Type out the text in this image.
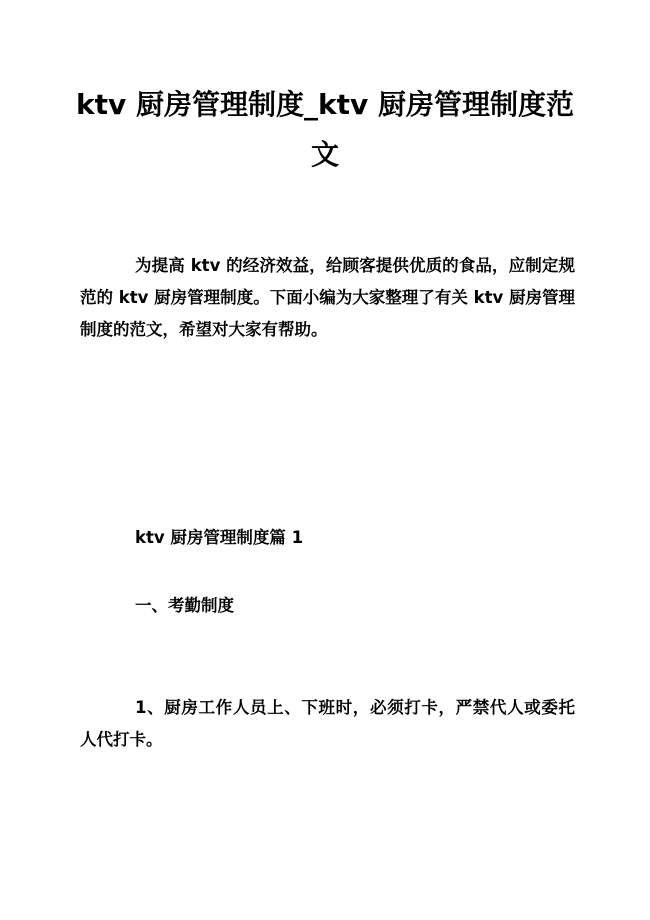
ktv 厨房管理制度_ktv 厨房管理制度范文

为提高 ktv 的经济效益，给顾客提供优质的食品，应制定规范的 ktv 厨房管理制度。下面小编为大家整理了有关 ktv 厨房管理制度的范文，希望对大家有帮助。

ktv 厨房管理制度篇 1

一、考勤制度

1、厨房工作人员上、下班时，必须打卡，严禁代人或委托人代打卡。
